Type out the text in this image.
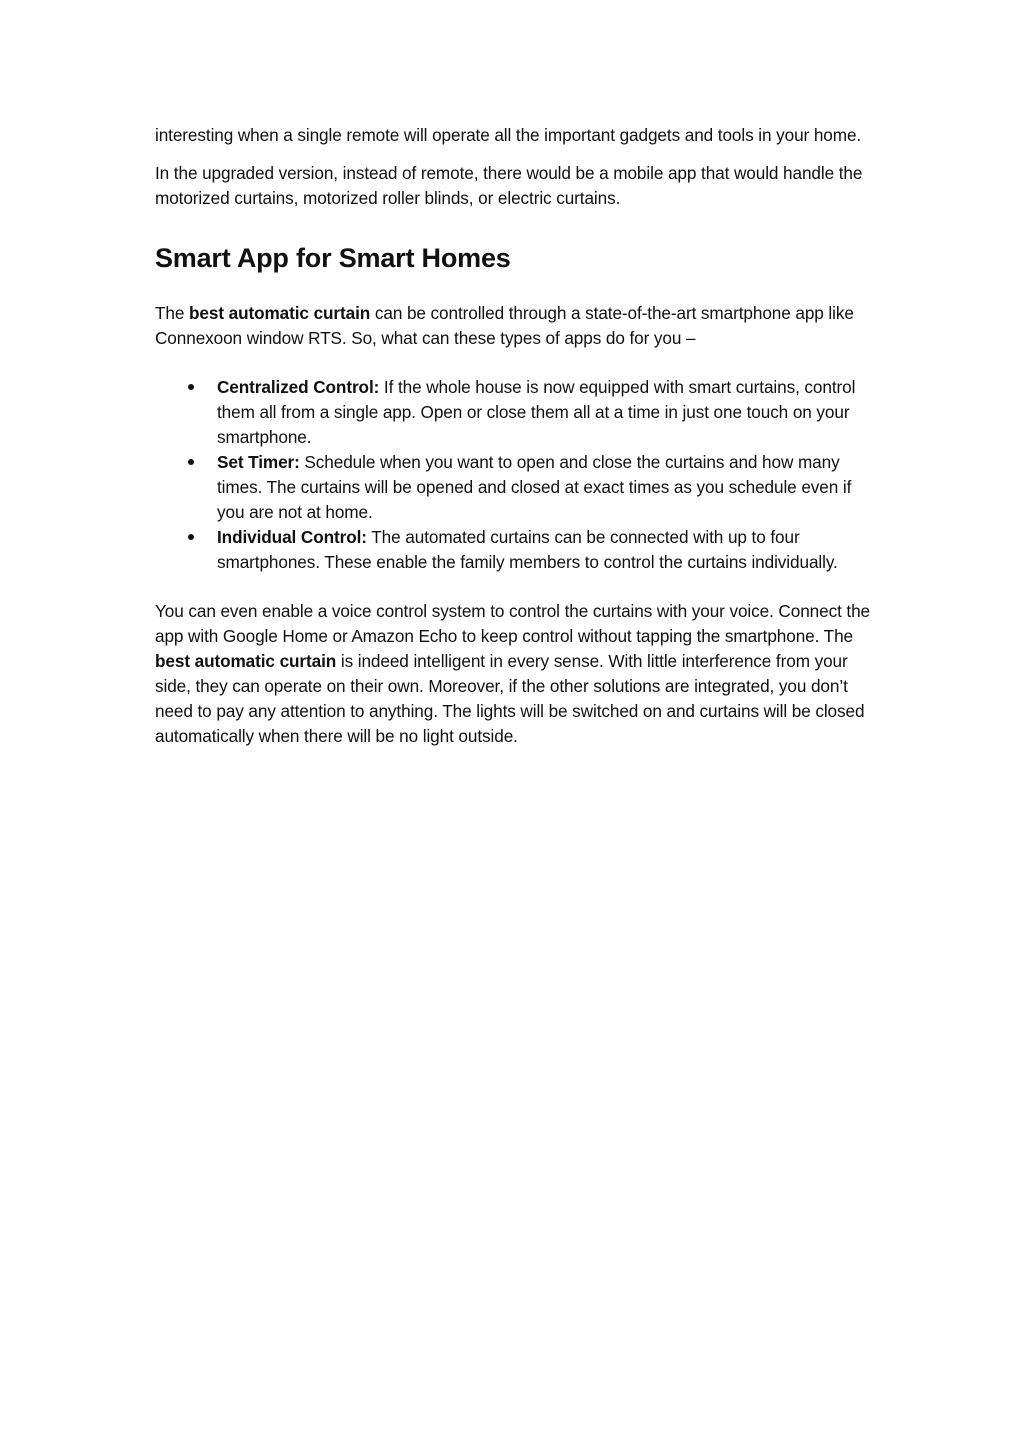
interesting when a single remote will operate all the important gadgets and tools in your home.

In the upgraded version, instead of remote, there would be a mobile app that would handle the motorized curtains, motorized roller blinds, or electric curtains.

Smart App for Smart Homes

The best automatic curtain can be controlled through a state-of-the-art smartphone app like Connexoon window RTS. So, what can these types of apps do for you –

Centralized Control: If the whole house is now equipped with smart curtains, control them all from a single app. Open or close them all at a time in just one touch on your smartphone.
Set Timer: Schedule when you want to open and close the curtains and how many times. The curtains will be opened and closed at exact times as you schedule even if you are not at home.
Individual Control: The automated curtains can be connected with up to four smartphones. These enable the family members to control the curtains individually.

You can even enable a voice control system to control the curtains with your voice. Connect the app with Google Home or Amazon Echo to keep control without tapping the smartphone. The best automatic curtain is indeed intelligent in every sense. With little interference from your side, they can operate on their own. Moreover, if the other solutions are integrated, you don’t need to pay any attention to anything. The lights will be switched on and curtains will be closed automatically when there will be no light outside.
